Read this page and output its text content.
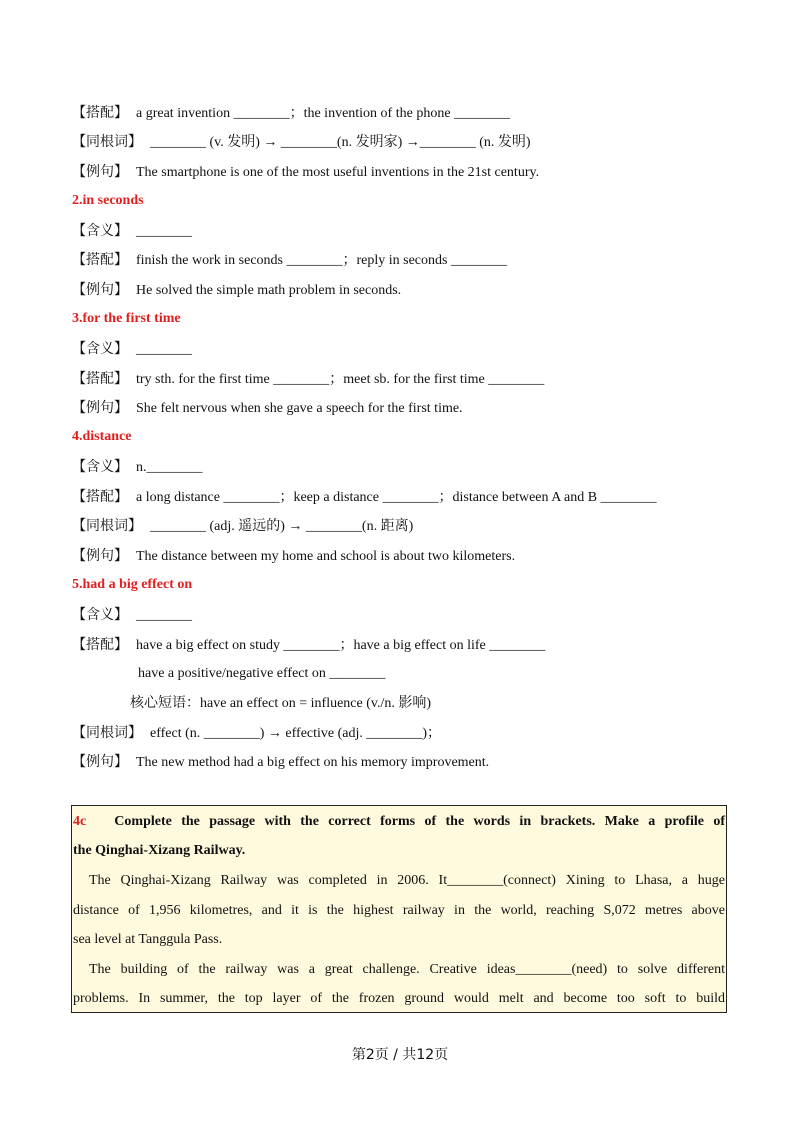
【搭配】 a great invention ________；the invention of the phone ________
【同根词】 ________ (v. 发明) → ________(n. 发明家) →________ (n. 发明)
【例句】 The smartphone is one of the most useful inventions in the 21st century.
2.in seconds
【含义】 ________
【搭配】 finish the work in seconds ________；reply in seconds ________
【例句】 He solved the simple math problem in seconds.
3.for the first time
【含义】 ________
【搭配】 try sth. for the first time ________；meet sb. for the first time ________
【例句】 She felt nervous when she gave a speech for the first time.
4.distance
【含义】 n.________
【搭配】 a long distance ________；keep a distance ________；distance between A and B ________
【同根词】 ________ (adj. 遥远的) → ________(n. 距离)
【例句】 The distance between my home and school is about two kilometers.
5.had a big effect on
【含义】 ________
【搭配】 have a big effect on study ________；have a big effect on life ________
have a positive/negative effect on ________
核心短语：have an effect on = influence (v./n. 影响)
【同根词】 effect (n. ________) → effective (adj. ________)；
【例句】 The new method had a big effect on his memory improvement.
4c Complete the passage with the correct forms of the words in brackets. Make a profile of
the Qinghai-Xizang Railway.
The Qinghai-Xizang Railway was completed in 2006. It________(connect) Xining to Lhasa, a huge
distance of 1,956 kilometres, and it is the highest railway in the world, reaching S,072 metres above
sea level at Tanggula Pass.
The building of the railway was a great challenge. Creative ideas________(need) to solve different
problems. In summer, the top layer of the frozen ground would melt and become too soft to build
第2页 / 共12页
